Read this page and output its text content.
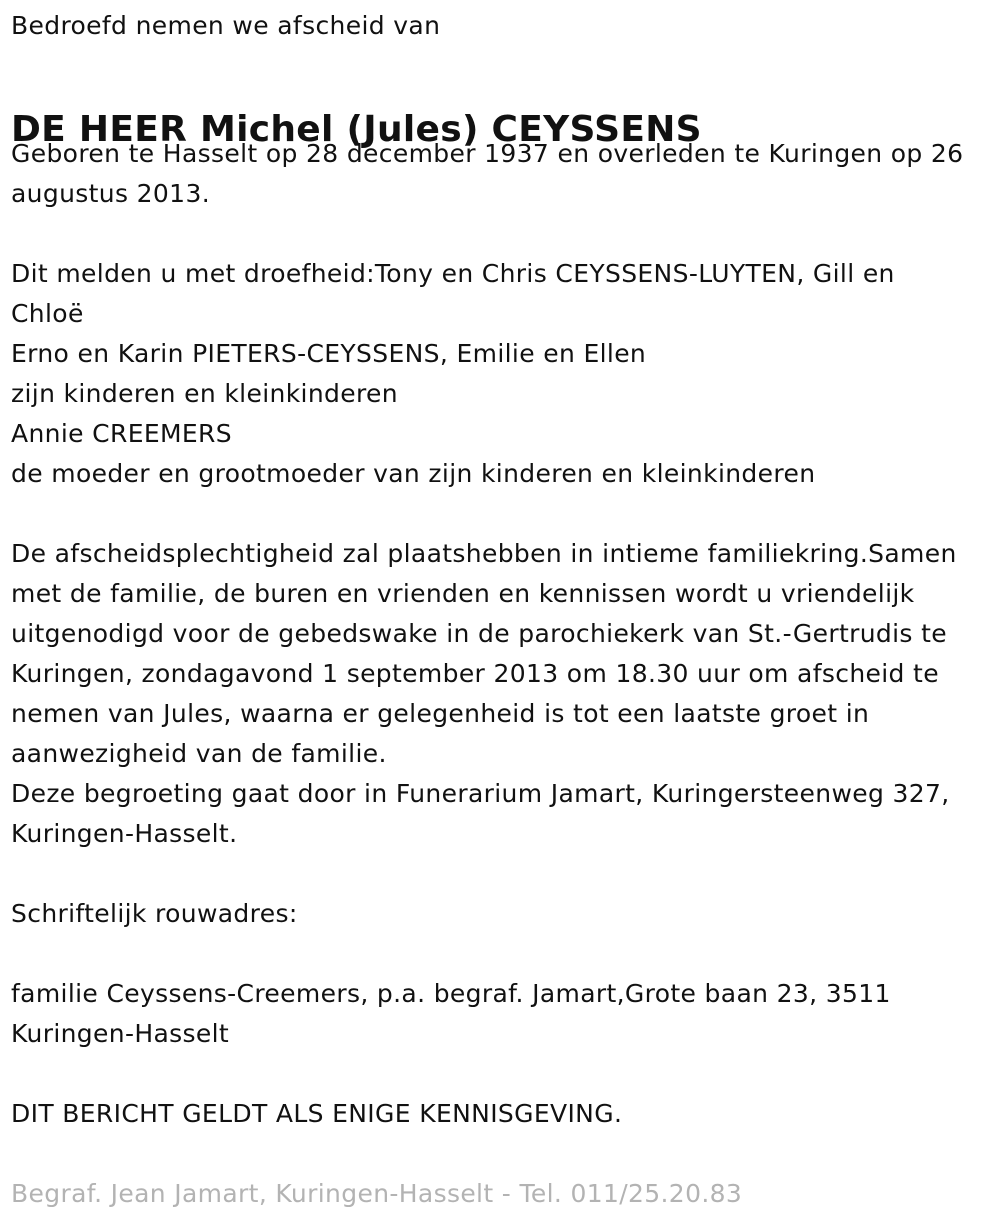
Bedroefd nemen we afscheid van
DE HEER Michel (Jules) CEYSSENS
Geboren te Hasselt op 28 december 1937 en overleden te Kuringen op 26
augustus 2013.
Dit melden u met droefheid:Tony en Chris CEYSSENS-LUYTEN, Gill en
Chloë
Erno en Karin PIETERS-CEYSSENS, Emilie en Ellen
zijn kinderen en kleinkinderen
Annie CREEMERS
de moeder en grootmoeder van zijn kinderen en kleinkinderen
De afscheidsplechtigheid zal plaatshebben in intieme familiekring.Samen
met de familie, de buren en vrienden en kennissen wordt u vriendelijk
uitgenodigd voor de gebedswake in de parochiekerk van St.-Gertrudis te
Kuringen, zondagavond 1 september 2013 om 18.30 uur om afscheid te
nemen van Jules, waarna er gelegenheid is tot een laatste groet in
aanwezigheid van de familie.
Deze begroeting gaat door in Funerarium Jamart, Kuringersteenweg 327,
Kuringen-Hasselt.
Schriftelijk rouwadres:
familie Ceyssens-Creemers, p.a. begraf. Jamart,Grote baan 23, 3511
Kuringen-Hasselt
DIT BERICHT GELDT ALS ENIGE KENNISGEVING.
Begraf. Jean Jamart, Kuringen-Hasselt - Tel. 011/25.20.83
